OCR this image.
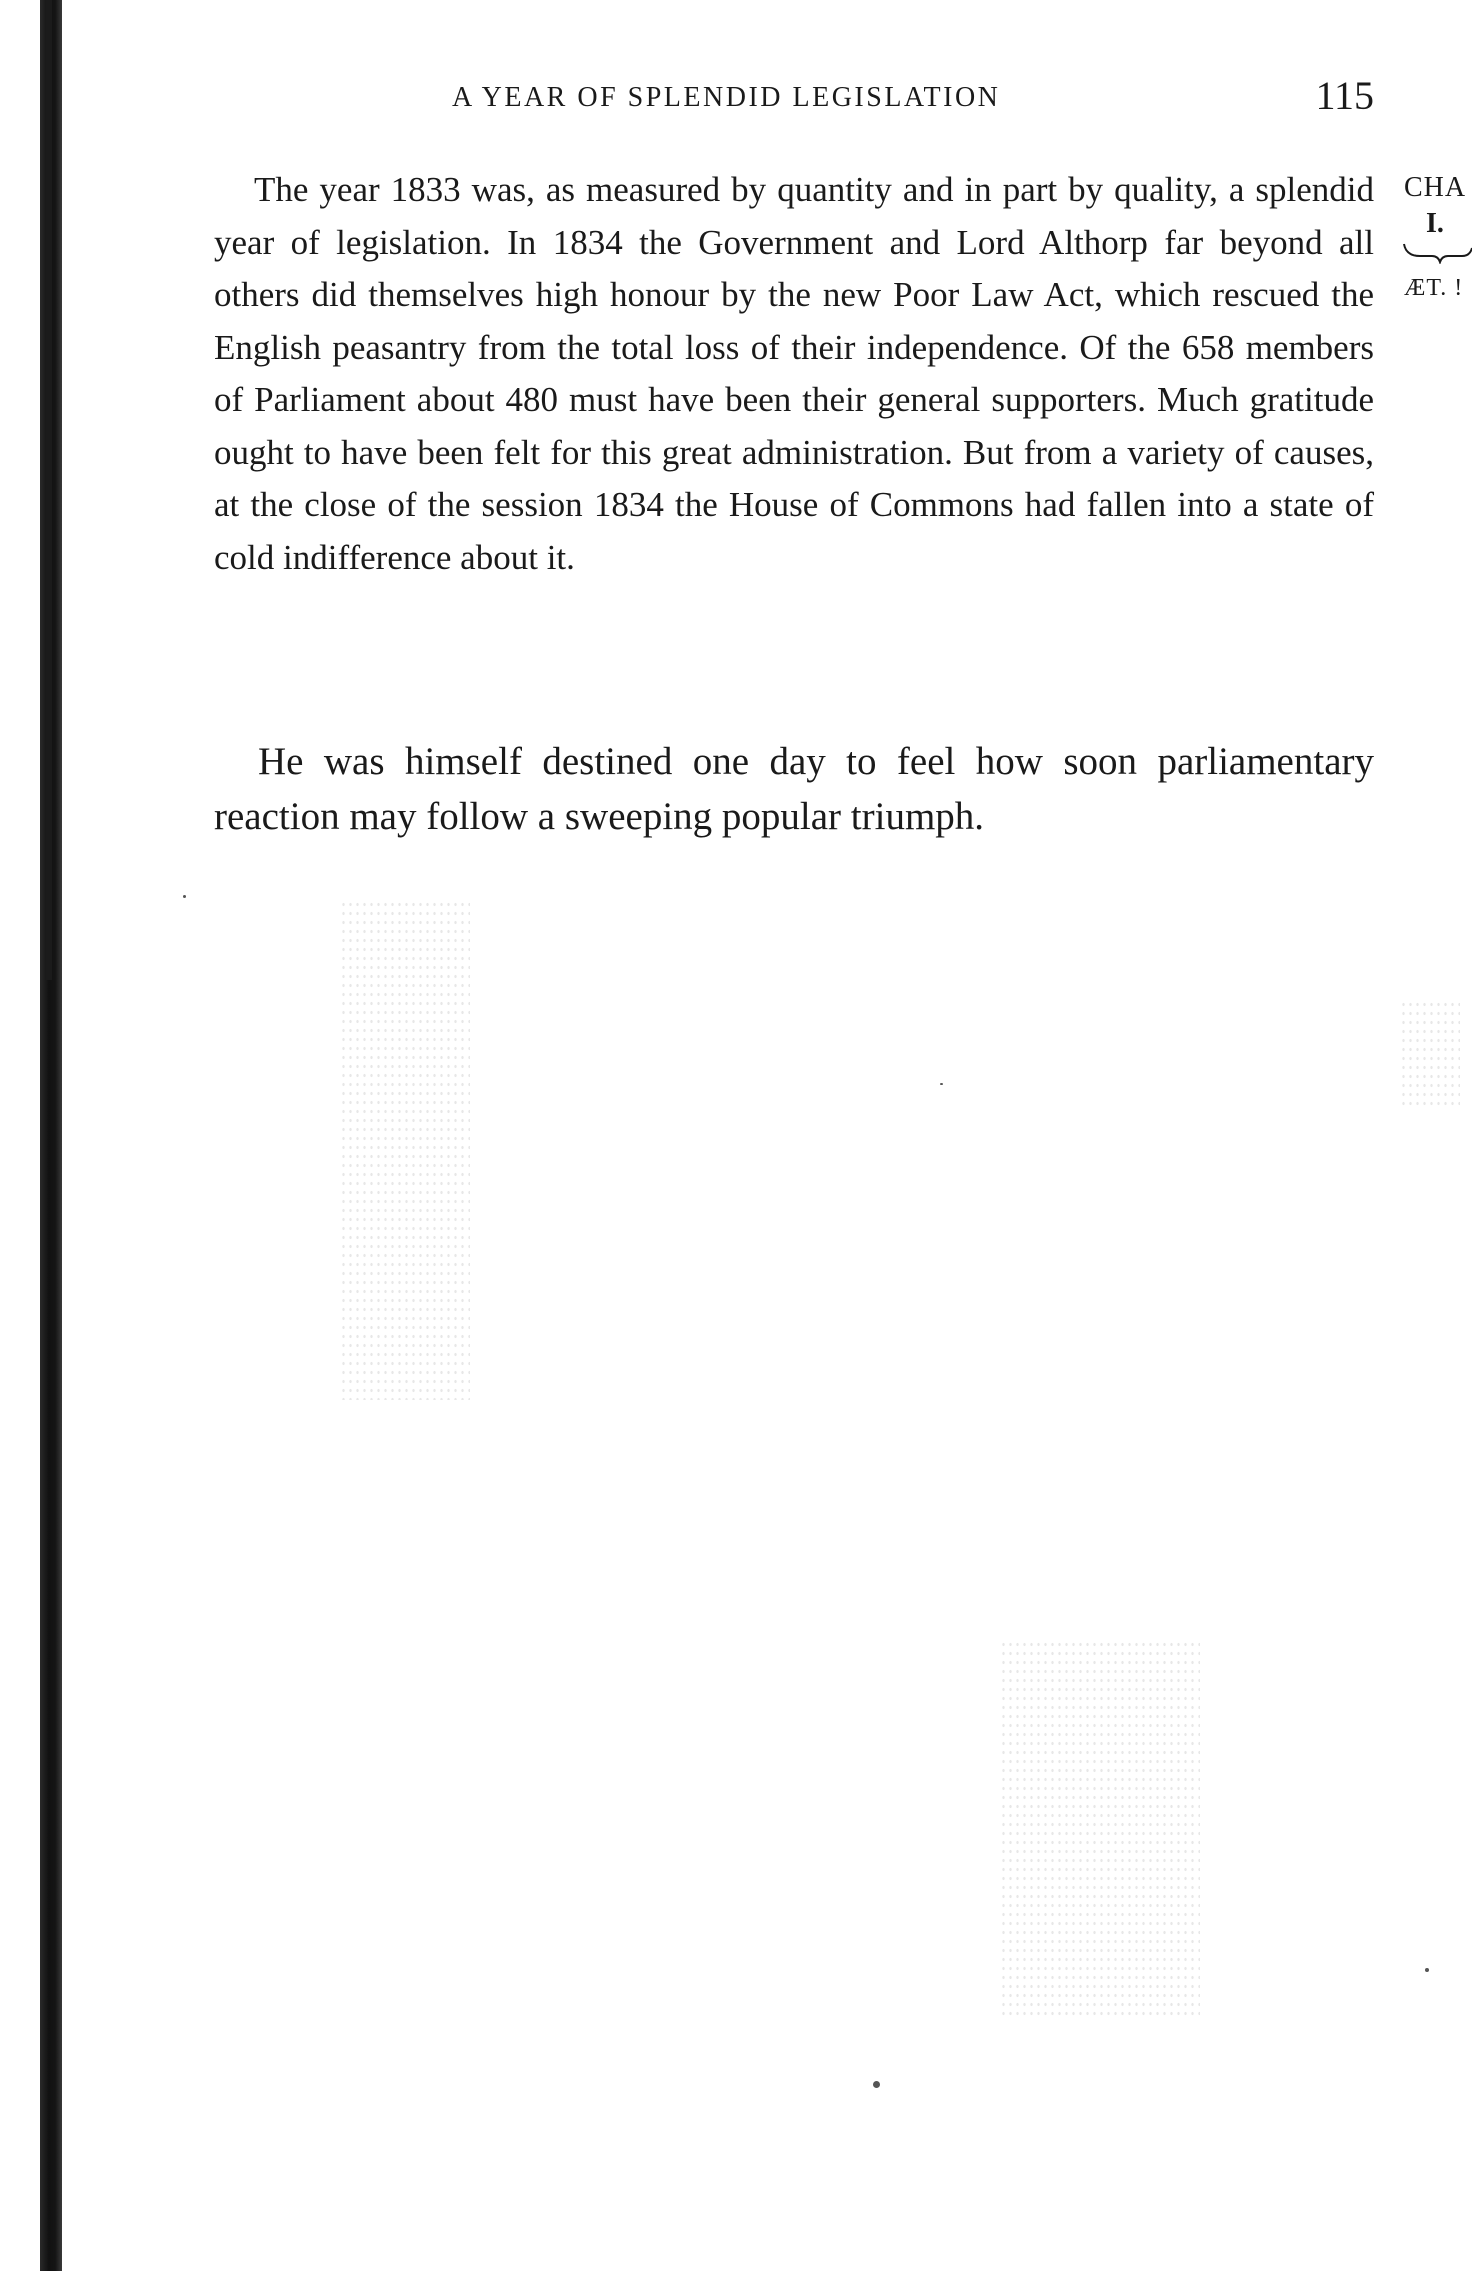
A YEAR OF SPLENDID LEGISLATION	115

The year 1833 was, as measured by quantity and in part by quality, a splendid year of legislation. In 1834 the Government and Lord Althorp far beyond all others did themselves high honour by the new Poor Law Act, which rescued the English peasantry from the total loss of their independence. Of the 658 members of Parliament about 480 must have been their general supporters. Much gratitude ought to have been felt for this great administration. But from a variety of causes, at the close of the session 1834 the House of Commons had fallen into a state of cold indifference about it.

He was himself destined one day to feel how soon parliamentary reaction may follow a sweeping popular triumph.

CHA
I.
ÆT. !
